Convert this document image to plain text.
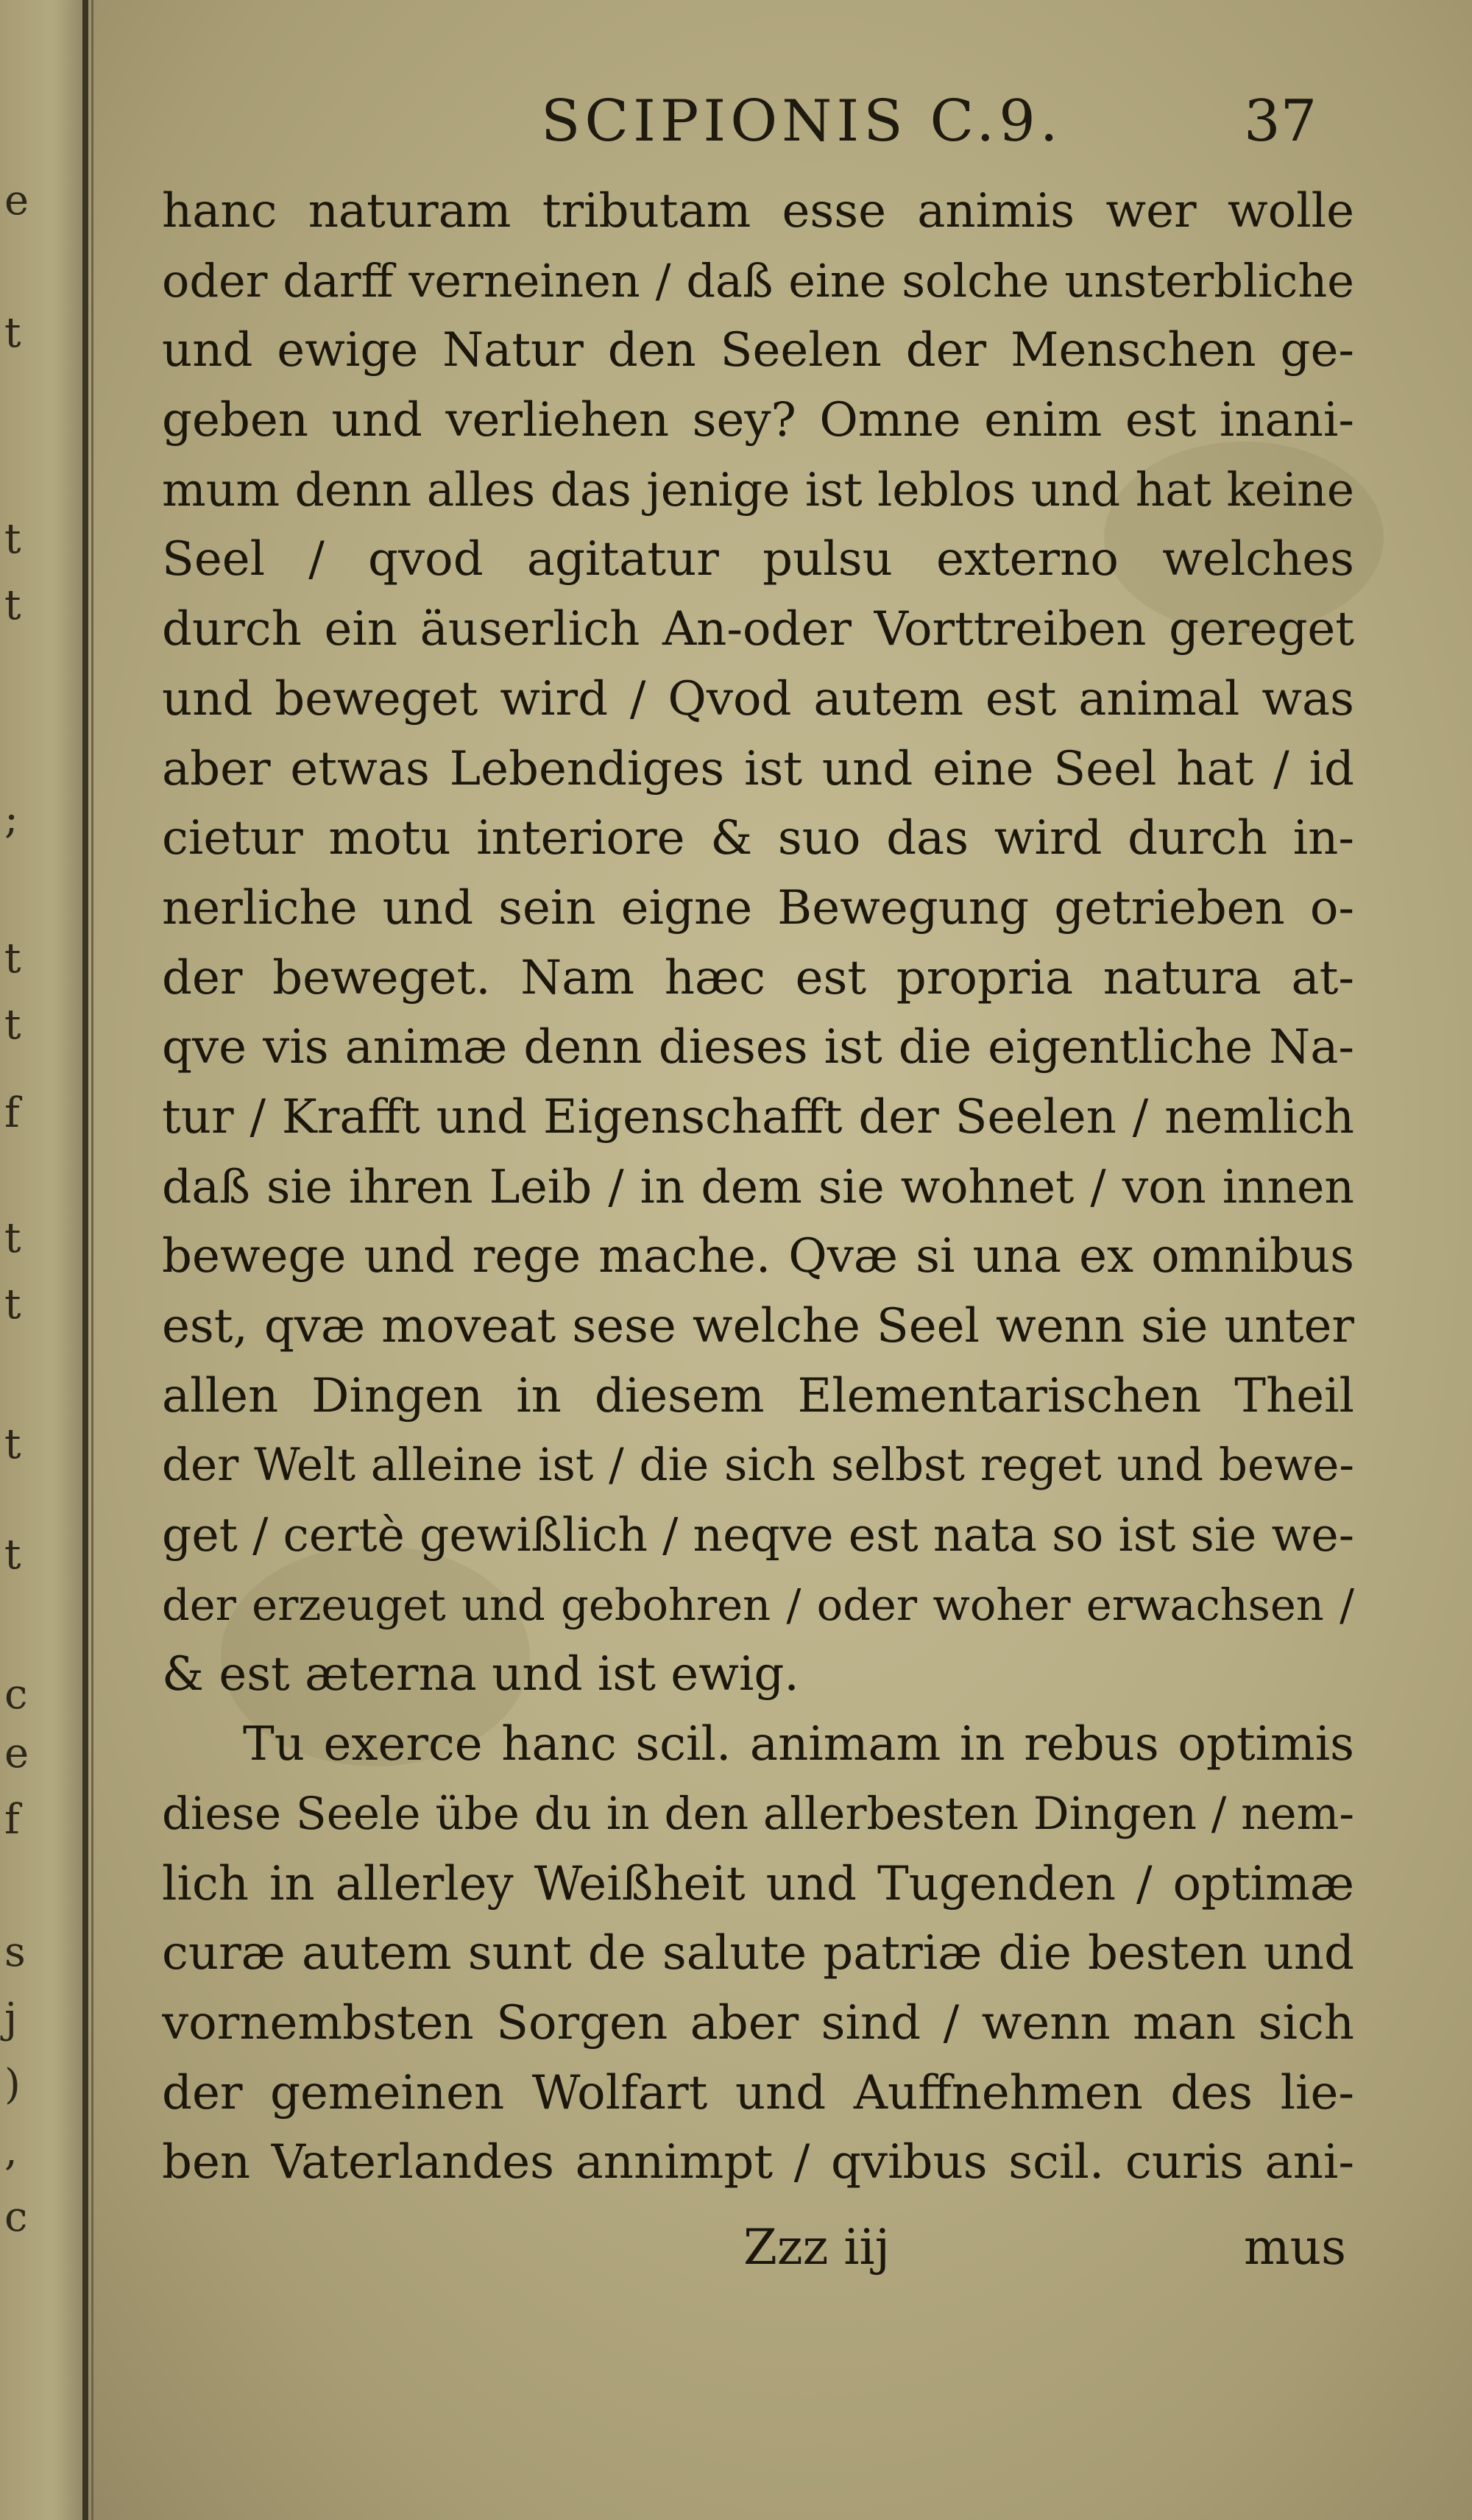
e
t
t
t
;
t
t
f
t
t
t
t
c
e
f
s
j
)
,
c
SCIPIONIS C.9.	37
hanc naturam tributam esse animis wer wolle
oder darff verneinen / daß eine solche unsterbliche
und ewige Natur den Seelen der Menschen ge-
geben und verliehen sey? Omne enim est inani-
mum denn alles das jenige ist leblos und hat keine
Seel / qvod agitatur pulsu externo welches
durch ein äuserlich An-oder Vorttreiben gereget
und beweget wird / Qvod autem est animal was
aber etwas Lebendiges ist und eine Seel hat / id
cietur motu interiore & suo das wird durch in-
nerliche und sein eigne Bewegung getrieben o-
der beweget. Nam hæc est propria natura at-
qve vis animæ denn dieses ist die eigentliche Na-
tur / Krafft und Eigenschafft der Seelen / nemlich
daß sie ihren Leib / in dem sie wohnet / von innen
bewege und rege mache. Qvæ si una ex omnibus
est, qvæ moveat sese welche Seel wenn sie unter
allen Dingen in diesem Elementarischen Theil
der Welt alleine ist / die sich selbst reget und bewe-
get / certè gewißlich / neqve est nata so ist sie we-
der erzeuget und gebohren / oder woher erwachsen /
& est æterna und ist ewig.
Tu exerce hanc scil. animam in rebus optimis
diese Seele übe du in den allerbesten Dingen / nem-
lich in allerley Weißheit und Tugenden / optimæ
curæ autem sunt de salute patriæ die besten und
vornembsten Sorgen aber sind / wenn man sich
der gemeinen Wolfart und Auffnehmen des lie-
ben Vaterlandes annimpt / qvibus scil. curis ani-
Zzz iij	mus
